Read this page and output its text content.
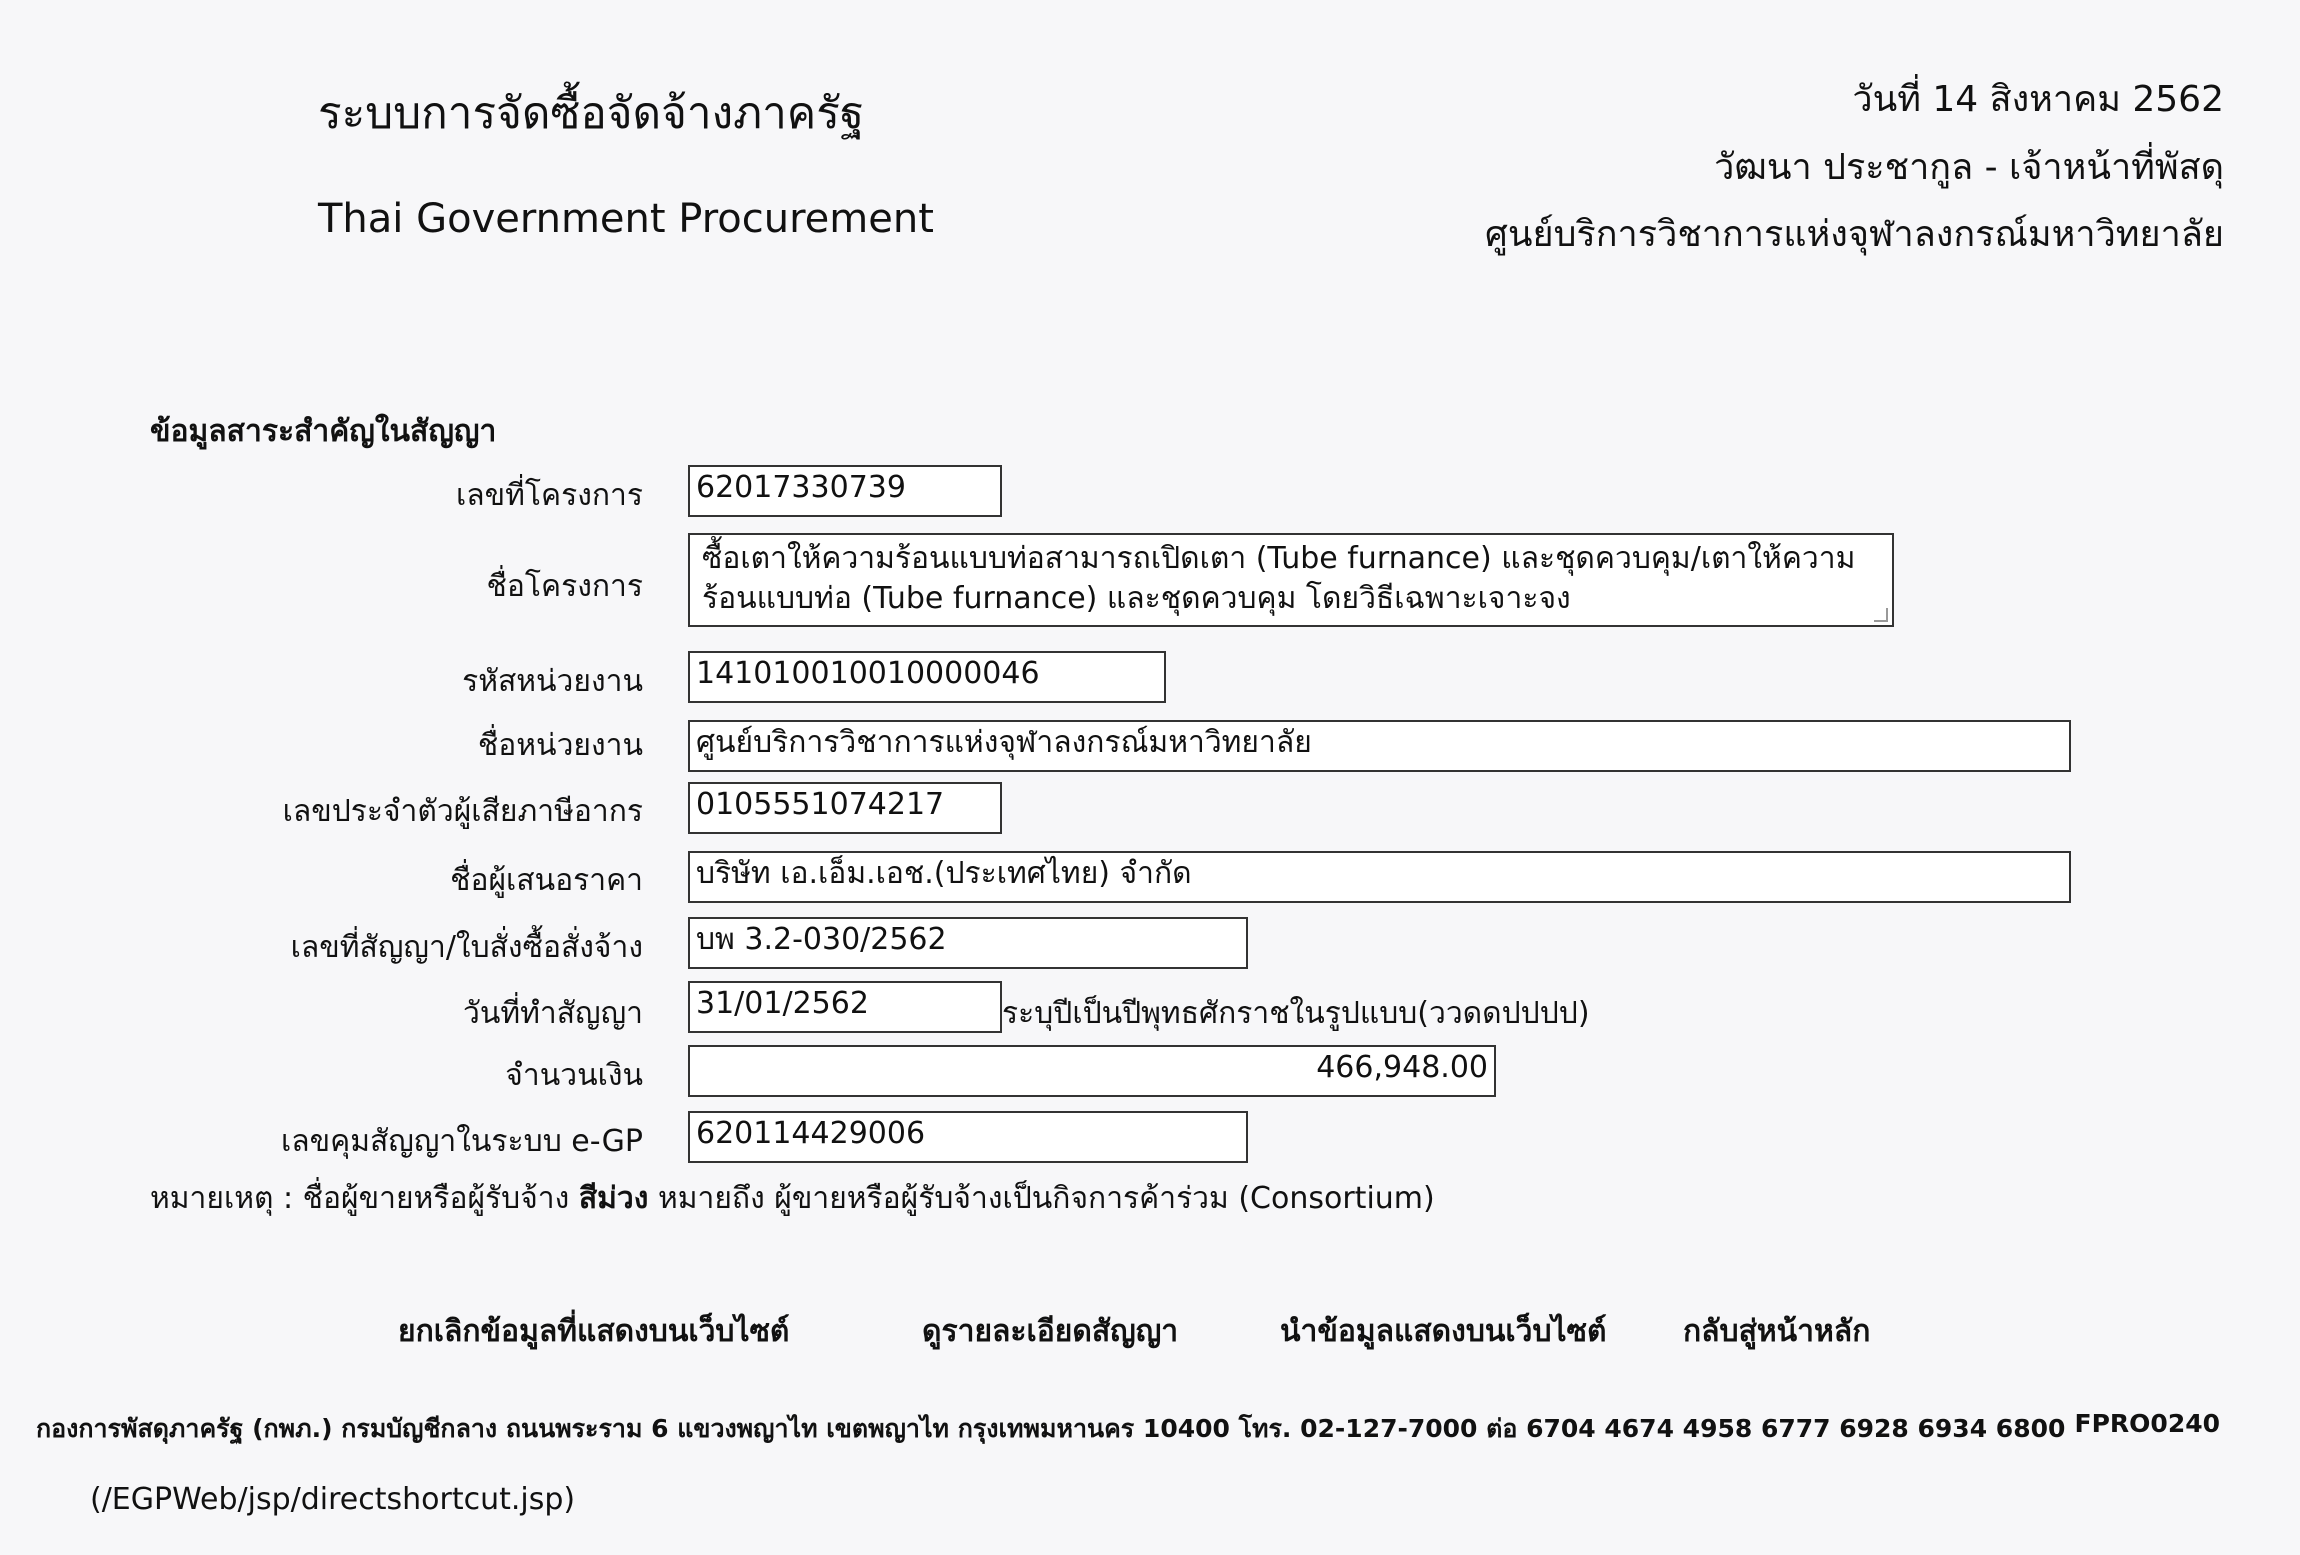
ระบบการจัดซื้อจัดจ้างภาครัฐ
Thai Government Procurement
วันที่ 14 สิงหาคม 2562
วัฒนา ประชากูล - เจ้าหน้าที่พัสดุ
ศูนย์บริการวิชาการแห่งจุฬาลงกรณ์มหาวิทยาลัย
ข้อมูลสาระสำคัญในสัญญา
เลขที่โครงการ 62017330739
ชื่อโครงการ
ซื้อเตาให้ความร้อนแบบท่อสามารถเปิดเตา (Tube furnance) และชุดควบคุม/เตาให้ความร้อนแบบท่อ (Tube furnance) และชุดควบคุม โดยวิธีเฉพาะเจาะจง
รหัสหน่วยงาน 141010010010000046
ชื่อหน่วยงาน ศูนย์บริการวิชาการแห่งจุฬาลงกรณ์มหาวิทยาลัย
เลขประจำตัวผู้เสียภาษีอากร 0105551074217
ชื่อผู้เสนอราคา บริษัท เอ.เอ็ม.เอช.(ประเทศไทย) จำกัด
เลขที่สัญญา/ใบสั่งซื้อสั่งจ้าง บพ 3.2-030/2562
วันที่ทำสัญญา 31/01/2562	ระบุปีเป็นปีพุทธศักราชในรูปแบบ(ววดดปปปป)
จำนวนเงิน	466,948.00
เลขคุมสัญญาในระบบ e-GP 620114429006
หมายเหตุ : ชื่อผู้ขายหรือผู้รับจ้าง สีม่วง หมายถึง ผู้ขายหรือผู้รับจ้างเป็นกิจการค้าร่วม (Consortium)
ยกเลิกข้อมูลที่แสดงบนเว็บไซต์	ดูรายละเอียดสัญญา	นำข้อมูลแสดงบนเว็บไซต์	กลับสู่หน้าหลัก
กองการพัสดุภาครัฐ (กพภ.) กรมบัญชีกลาง ถนนพระราม 6 แขวงพญาไท เขตพญาไท กรุงเทพมหานคร 10400 โทร. 02-127-7000 ต่อ 6704 4674 4958 6777 6928 6934 6800 FPRO0240
(/EGPWeb/jsp/directshortcut.jsp)
